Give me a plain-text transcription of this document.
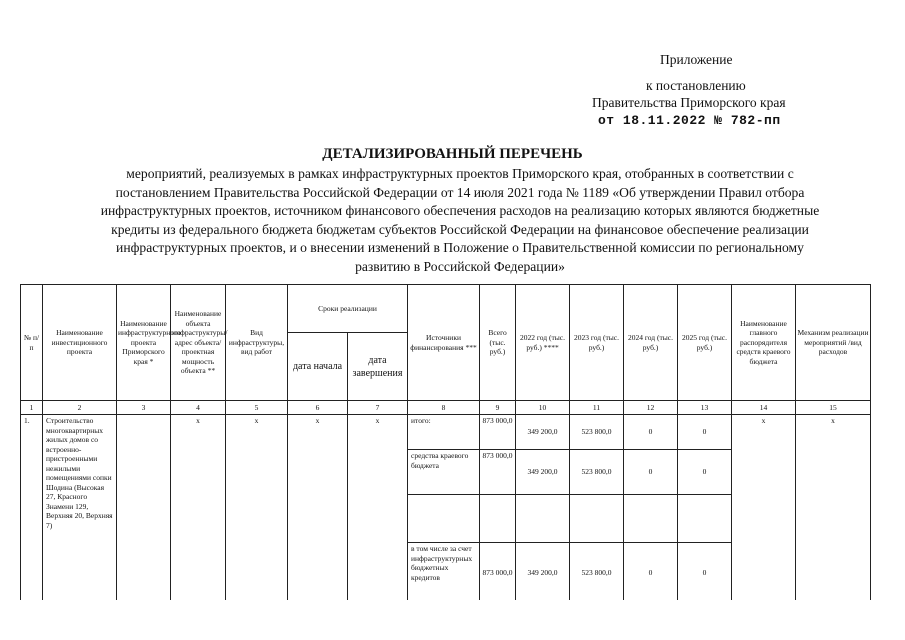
Приложение
к постановлению
Правительства Приморского края
от 18.11.2022 № 782-пп
ДЕТАЛИЗИРОВАННЫЙ ПЕРЕЧЕНЬ
мероприятий, реализуемых в рамках инфраструктурных проектов Приморского края, отобранных в соответствии с
постановлением Правительства Российской Федерации от 14 июля 2021 года № 1189 «Об утверждении Правил отбора
инфраструктурных проектов, источником финансового обеспечения расходов на реализацию которых являются бюджетные
кредиты из федерального бюджета бюджетам субъектов Российской Федерации на финансовое обеспечение реализации
инфраструктурных проектов, и о внесении изменений в Положение о Правительственной комиссии по региональному
развитию в Российской Федерации»
№ п/п	Наименование инвестиционного проекта	Наименование инфраструктурного проекта Приморского края *	Наименование объекта инфраструктуры/ адрес объекта/ проектная мощность объекта **	Вид инфраструктуры, вид работ	Сроки реализации		Источники финансирования ***	Всего (тыс. руб.)	2022 год (тыс. руб.) ****	2023 год (тыс. руб.)	2024 год (тыс. руб.)	2025 год (тыс. руб.)	Наименование главного распорядителя средств краевого бюджета	Механизм реализации мероприятий /вид расходов
					дата начала	дата завершения								
1	2	3	4	5	6	7	8	9	10	11	12	13	14	15
1.	Строительство многоквартирных жилых домов со встроенно-пристроенными нежилыми помещениями сопки Шодина (Высокая 27, Красного Знамени 129, Верхняя 20, Верхняя 7)		x	x	x	x	итого:	873 000,0	349 200,0	523 800,0	0	0	x	x
							средства краевого бюджета	873 000,0	349 200,0	523 800,0	0	0		

							в том числе за счет инфраструктурных бюджетных кредитов	873 000,0	349 200,0	523 800,0	0	0		
